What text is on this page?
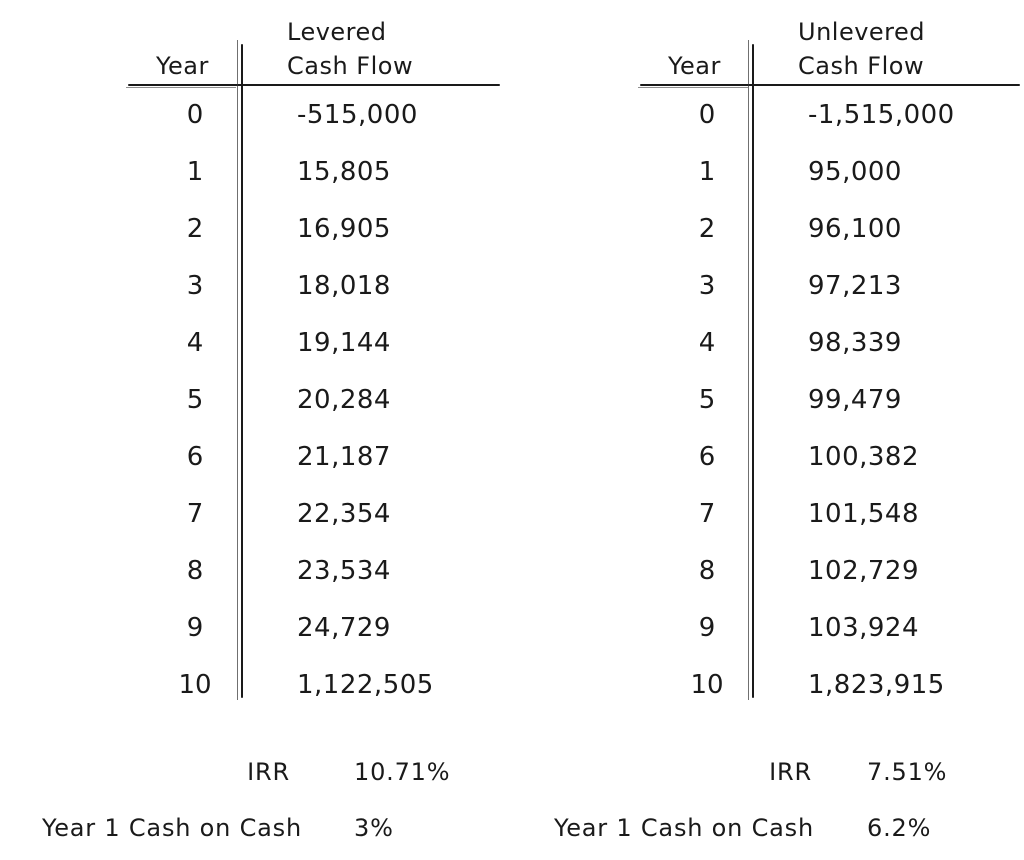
Year
Levered
Cash Flow
0	-515,000
1	15,805
2	16,905
3	18,018
4	19,144
5	20,284
6	21,187
7	22,354
8	23,534
9	24,729
10	1,122,505
IRR	10.71%
Year 1 Cash on Cash 3%
Year
Unlevered
Cash Flow
0	-1,515,000
1	95,000
2	96,100
3	97,213
4	98,339
5	99,479
6	100,382
7	101,548
8	102,729
9	103,924
10	1,823,915
IRR 7.51%
Year 1 Cash on Cash 6.2%
